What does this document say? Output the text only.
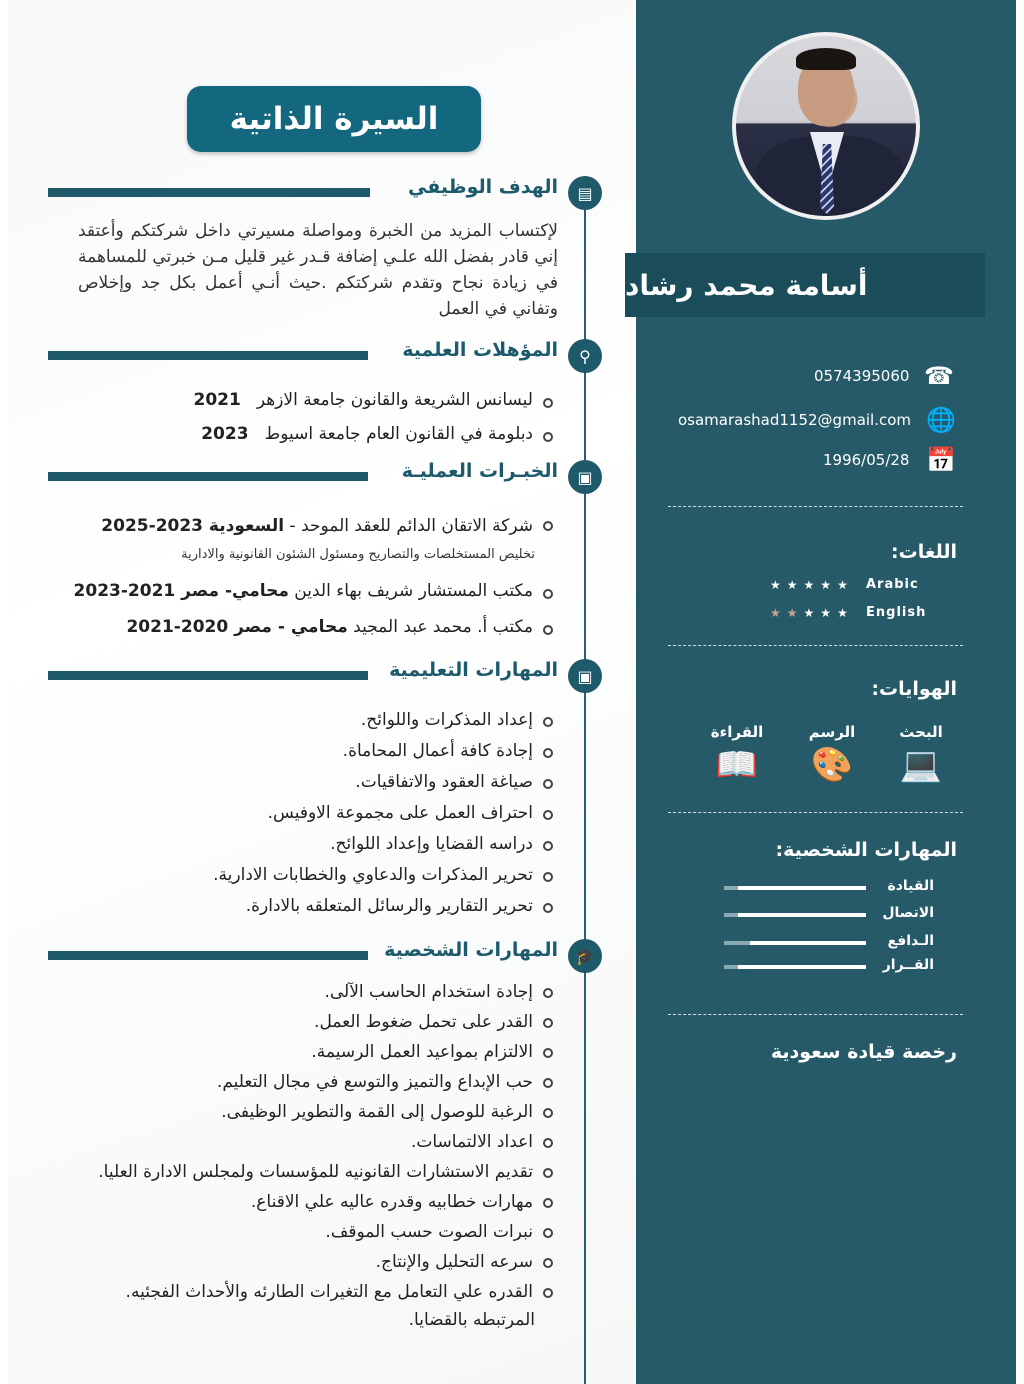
السيرة الذاتية
الهدف الوظيفي	▤
لإكتساب المزيد من الخبرة ومواصلة مسيرتي داخل شركتكم وأعتقد إني قادر بفضل الله علـي إضافة قـدر غير قليل مـن خبرتي للمساهمة في زيادة نجاح وتقدم شركتكم .حيث أنـي أعمل بكل جد وإخلاص وتفاني في العمل
المؤهلات العلمية	⚲
ليسانس الشريعة والقانون جامعة الازهر2021
دبلومة في القانون العام جامعة اسيوط2023
الخبـرات العمليـة	▣
شركة الاتقان الدائم للعقد الموحد - السعودية 2023-2025
تخليص المستخلصات والتصاريح ومسئول الشئون القانونية والادارية
مكتب المستشار شريف بهاء الدين محامي- مصر 2021-2023
مكتب أ. محمد عبد المجيد محامي - مصر 2020-2021
المهارات التعليمية	▣
إعداد المذكرات واللوائح.
إجادة كافة أعمال المحاماة.
صياغة العقود والاتفاقيات.
احتراف العمل على مجموعة الاوفيس.
دراسه القضايا وإعداد اللوائح.
تحرير المذكرات والدعاوي والخطابات الادارية.
تحرير التقارير والرسائل المتعلقه بالادارة.
المهارات الشخصية	🎓
إجادة استخدام الحاسب الآلى.
القدر على تحمل ضغوط العمل.
الالتزام بمواعيد العمل الرسيمة.
حب الإبداع والتميز والتوسع في مجال التعليم.
الرغبة للوصول إلى القمة والتطوير الوظيفى.
اعداد الالتماسات.
تقديم الاستشارات القانونيه للمؤسسات ولمجلس الادارة العليا.
مهارات خطابيه وقدره عاليه علي الاقناع.
نبرات الصوت حسب الموقف.
سرعه التحليل والإنتاج.
القدره علي التعامل مع التغيرات الطارئه والأحداث الفجئيه.
المرتبطه بالقضايا.
أسامة محمد رشاد
0574395060 ☎
osamarashad1152@gmail.com 🌐
1996/05/28 📅
اللغات:
Arabic
★★★★★
English
★★★★★
الهوايات:
البحث
💻
الرسم
🎨
القراءة
📖
المهارات الشخصية:
القيادة
الاتصال
الـدافع
القــرار
رخصة قيادة سعودية
